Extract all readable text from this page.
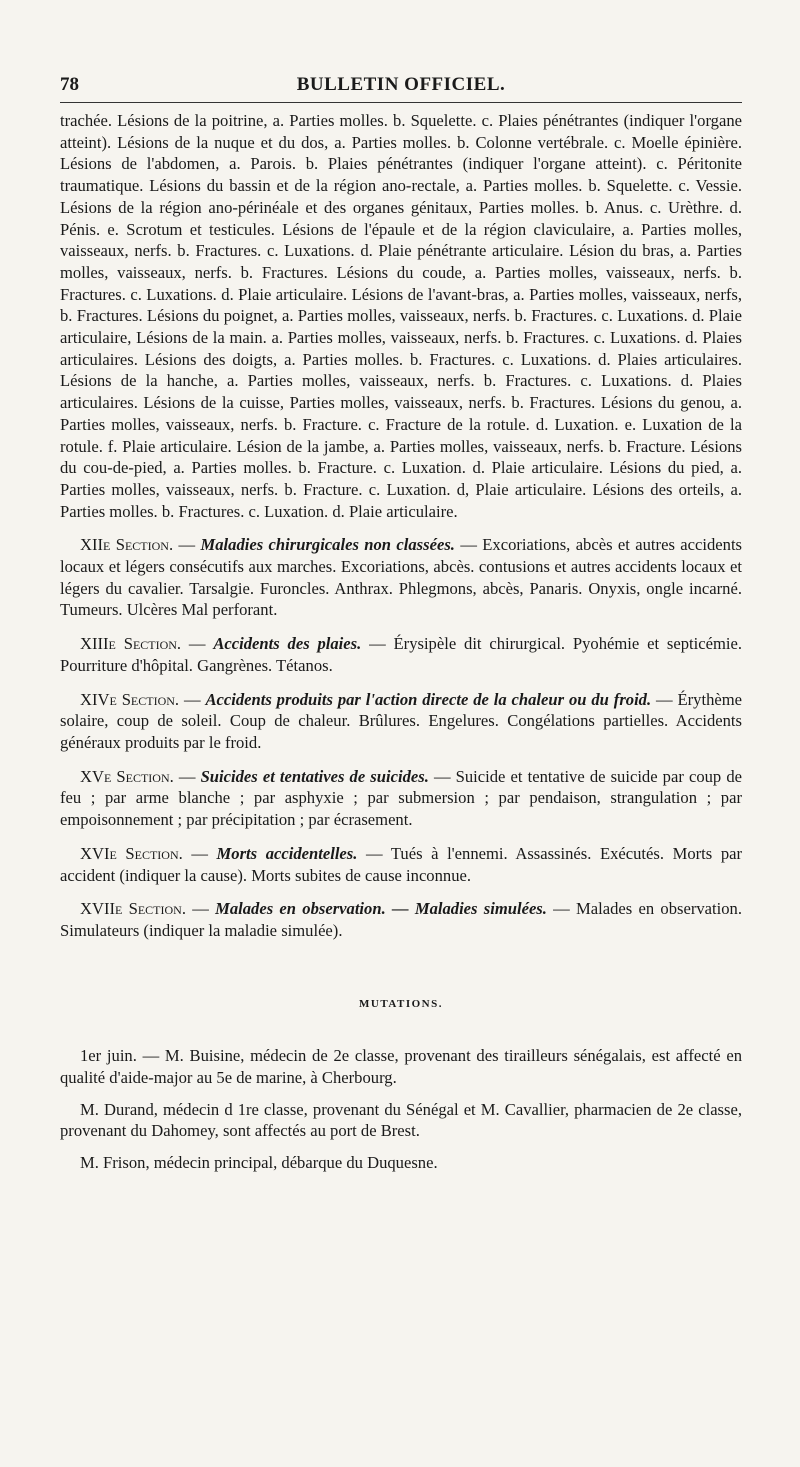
78	BULLETIN OFFICIEL.

trachée. Lésions de la poitrine, a. Parties molles. b. Squelette. c. Plaies pénétrantes (indiquer l'organe atteint). Lésions de la nuque et du dos, a. Parties molles. b. Colonne vertébrale. c. Moelle épinière. Lésions de l'abdomen, a. Parois. b. Plaies pénétrantes (indiquer l'organe atteint). c. Péritonite traumatique. Lésions du bassin et de la région ano-rectale, a. Parties molles. b. Squelette. c. Vessie. Lésions de la région ano-périnéale et des organes génitaux, Parties molles. b. Anus. c. Urèthre. d. Pénis. e. Scrotum et testicules. Lésions de l'épaule et de la région claviculaire, a. Parties molles, vaisseaux, nerfs. b. Fractures. c. Luxations. d. Plaie pénétrante articulaire. Lésion du bras, a. Parties molles, vaisseaux, nerfs. b. Fractures. Lésions du coude, a. Parties molles, vaisseaux, nerfs. b. Fractures. c. Luxations. d. Plaie articulaire. Lésions de l'avant-bras, a. Parties molles, vaisseaux, nerfs, b. Fractures. Lésions du poignet, a. Parties molles, vaisseaux, nerfs. b. Fractures. c. Luxations. d. Plaie articulaire, Lésions de la main. a. Parties molles, vaisseaux, nerfs. b. Fractures. c. Luxations. d. Plaies articulaires. Lésions des doigts, a. Parties molles. b. Fractures. c. Luxations. d. Plaies articulaires. Lésions de la hanche, a. Parties molles, vaisseaux, nerfs. b. Fractures. c. Luxations. d. Plaies articulaires. Lésions de la cuisse, Parties molles, vaisseaux, nerfs. b. Fractures. Lésions du genou, a. Parties molles, vaisseaux, nerfs. b. Fracture. c. Fracture de la rotule. d. Luxation. e. Luxation de la rotule. f. Plaie articulaire. Lésion de la jambe, a. Parties molles, vaisseaux, nerfs. b. Fracture. Lésions du cou-de-pied, a. Parties molles. b. Fracture. c. Luxation. d. Plaie articulaire. Lésions du pied, a. Parties molles, vaisseaux, nerfs. b. Fracture. c. Luxation. d, Plaie articulaire. Lésions des orteils, a. Parties molles. b. Fractures. c. Luxation. d. Plaie articulaire.

XIIe Section. — Maladies chirurgicales non classées. — Excoriations, abcès et autres accidents locaux et légers consécutifs aux marches. Excoriations, abcès. contusions et autres accidents locaux et légers du cavalier. Tarsalgie. Furoncles. Anthrax. Phlegmons, abcès, Panaris. Onyxis, ongle incarné. Tumeurs. Ulcères Mal perforant.

XIIIe Section. — Accidents des plaies. — Érysipèle dit chirurgical. Pyohémie et septicémie. Pourriture d'hôpital. Gangrènes. Tétanos.

XIVe Section. — Accidents produits par l'action directe de la chaleur ou du froid. — Érythème solaire, coup de soleil. Coup de chaleur. Brûlures. Engelures. Congélations partielles. Accidents généraux produits par le froid.

XVe Section. — Suicides et tentatives de suicides. — Suicide et tentative de suicide par coup de feu ; par arme blanche ; par asphyxie ; par submersion ; par pendaison, strangulation ; par empoisonnement ; par précipitation ; par écrasement.

XVIe Section. — Morts accidentelles. — Tués à l'ennemi. Assassinés. Exécutés. Morts par accident (indiquer la cause). Morts subites de cause inconnue.

XVIIe Section. — Malades en observation. — Maladies simulées. — Malades en observation. Simulateurs (indiquer la maladie simulée).

MUTATIONS.

1er juin. — M. Buisine, médecin de 2e classe, provenant des tirailleurs sénégalais, est affecté en qualité d'aide-major au 5e de marine, à Cherbourg.

M. Durand, médecin d 1re classe, provenant du Sénégal et M. Cavallier, pharmacien de 2e classe, provenant du Dahomey, sont affectés au port de Brest.

M. Frison, médecin principal, débarque du Duquesne.
